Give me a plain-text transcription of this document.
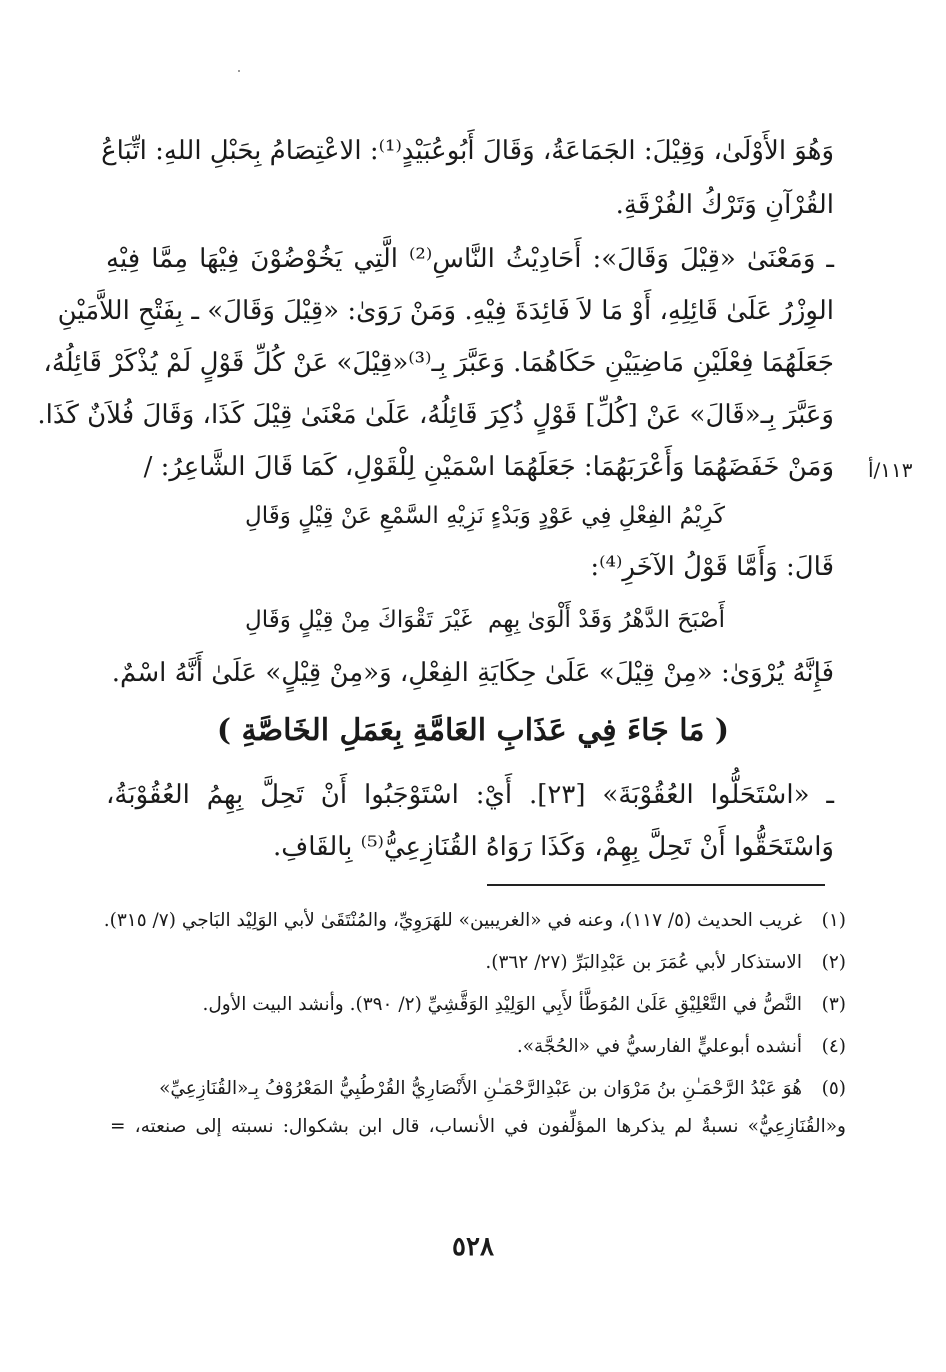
وَهُوَ الأَوْلَىٰ، وَقِيْلَ: الجَمَاعَةُ، وَقَالَ أَبُوعُبَيْدٍ⁽¹⁾: الاعْتِصَامُ بِحَبْلِ اللهِ: اتِّبَاعُ
القُرْآنِ وَتَرْكُ الفُرْقَةِ.
ـ وَمَعْنَىٰ «قِيْلَ وَقَالَ»: أَحَادِيْثُ النَّاسِ⁽²⁾ الَّتِي يَخُوْضُوْنَ فِيْهَا مِمَّا فِيْهِ
الوِزْرُ عَلَىٰ قَائِلِهِ، أَوْ مَا لاَ فَائِدَةَ فِيْهِ. وَمَنْ رَوَىٰ: «قِيْلَ وَقَالَ» ـ بِفَتْحِ اللاَّمَيْنِ
جَعَلَهُمَا فِعْلَيْنِ مَاضِيَيْنِ حَكَاهُمَا. وَعَبَّرَ بِـ⁽³⁾«قِيْلَ» عَنْ كُلِّ قَوْلٍ لَمْ يُذْكَرْ قَائِلُهُ،
وَعَبَّرَ بِـ«قَالَ» عَنْ [كُلِّ] قَوْلٍ ذُكِرَ قَائِلُهُ، عَلَىٰ مَعْنَىٰ قِيْلَ كَذَا، وَقَالَ فُلاَنٌ كَذَا.
وَمَنْ خَفَضَهُمَا وَأَعْرَبَهُمَا: جَعَلَهُمَا اسْمَيْنِ لِلْقَوْلِ، كَمَا قَالَ الشَّاعِرُ: / ١١٣/أ
كَرِيْمُ الفِعْلِ فِي عَوْدٍ وَبَدْءٍ
نَزِيْهِ السَّمْعِ عَنْ قِيْلٍ وَقَالِ
قَالَ: وَأَمَّا قَوْلُ الآخَرِ⁽⁴⁾:
أَصْبَحَ الدَّهْرُ وَقَدْ أَلْوَىٰ بِهِم
غَيْرَ تَقْوَاكَ مِنْ قِيْلٍ وَقَالِ
فَإِنَّهُ يُرْوَىٰ: «مِنْ قِيْلَ» عَلَىٰ حِكَايَةِ الفِعْلِ، وَ«مِنْ قِيْلٍ» عَلَىٰ أَنَّهُ اسْمٌ.
( مَا جَاءَ فِي عَذَابِ العَامَّةِ بِعَمَلِ الخَاصَّةِ )
ـ «اسْتَحَلُّوا العُقُوْبَةَ» [٢٣]. أَيْ: اسْتَوْجَبُوا أَنْ تَحِلَّ بِهِمُ العُقُوْبَةُ،
وَاسْتَحَقُّوا أَنْ تَحِلَّ بِهِمْ، وَكَذَا رَوَاهُ القُنَازِعِيُّ⁽⁵⁾ بِالقَافِ.
(١)
غريب الحديث (٥/ ١١٧)، وعنه في «الغريبين» للهَرَوِيِّ، والمُنْتَقَىٰ لأبي الوَلِيْد البَاجي (٧/ ٣١٥).
(٢)
الاستذكار لأبي عُمَرَ بن عَبْدِالبَرِّ (٢٧/ ٣٦٢).
(٣)
النَّصُّ في التَّعْلِيْقِ عَلَىٰ المُوَطَّأ لأَبِي الوَلِيْدِ الوَقَّشِيِّ (٢/ ٣٩٠). وأنشد البيت الأول.
(٤)
أنشده أبوعليٍّ الفارسيُّ في «الحُجَّة».
(٥)
هُوَ عَبْدُ الرَّحْمَـٰنِ بنُ مَرْوَان بن عَبْدِالرَّحْمَـٰنِ الأَنْصَارِيُّ القُرْطُبِيُّ المَعْرُوْفُ بِـ«القُنَازِعِيِّ»
و«القُنَازِعِيُّ» نسبةٌ لم يذكرها المؤلِّفون في الأنساب، قال ابن بشكوال: نسبته إلى صنعته، =
٥٢٨
